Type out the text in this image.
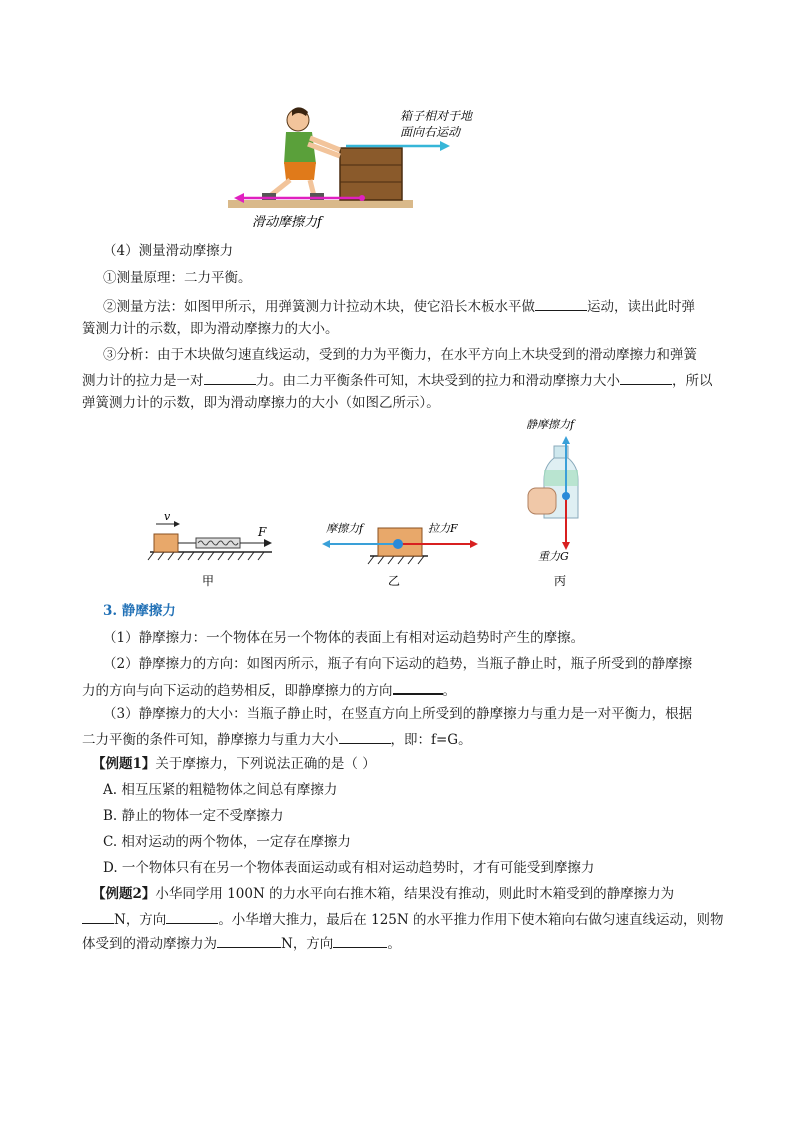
箱子相对于地
面向右运动
滑动摩擦力f
（4）测量滑动摩擦力
①测量原理：二力平衡。
②测量方法：如图甲所示，用弹簧测力计拉动木块，使它沿长木板水平做	运动，读出此时弹
簧测力计的示数，即为滑动摩擦力的大小。
③分析：由于木块做匀速直线运动，受到的力为平衡力，在水平方向上木块受到的滑动摩擦力和弹簧
测力计的拉力是一对	力。由二力平衡条件可知，木块受到的拉力和滑动摩擦力大小	，所以
弹簧测力计的示数，即为滑动摩擦力的大小（如图乙所示）。
v
F
甲
摩擦力f	拉力F
乙
静摩擦力f
重力G
丙
3. 静摩擦力
（1）静摩擦力：一个物体在另一个物体的表面上有相对运动趋势时产生的摩擦。
（2）静摩擦力的方向：如图丙所示，瓶子有向下运动的趋势，当瓶子静止时，瓶子所受到的静摩擦
力的方向与向下运动的趋势相反，即静摩擦力的方向	。
（3）静摩擦力的大小：当瓶子静止时，在竖直方向上所受到的静摩擦力与重力是一对平衡力，根据
二力平衡的条件可知，静摩擦力与重力大小	，即：f=G。
【例题1】关于摩擦力，下列说法正确的是（ ）
A. 相互压紧的粗糙物体之间总有摩擦力
B. 静止的物体一定不受摩擦力
C. 相对运动的两个物体，一定存在摩擦力
D. 一个物体只有在另一个物体表面运动或有相对运动趋势时，才有可能受到摩擦力
【例题2】小华同学用 100N 的力水平向右推木箱，结果没有推动，则此时木箱受到的静摩擦力为
N，方向	。小华增大推力，最后在 125N 的水平推力作用下使木箱向右做匀速直线运动，则物
体受到的滑动摩擦力为	N，方向	。
